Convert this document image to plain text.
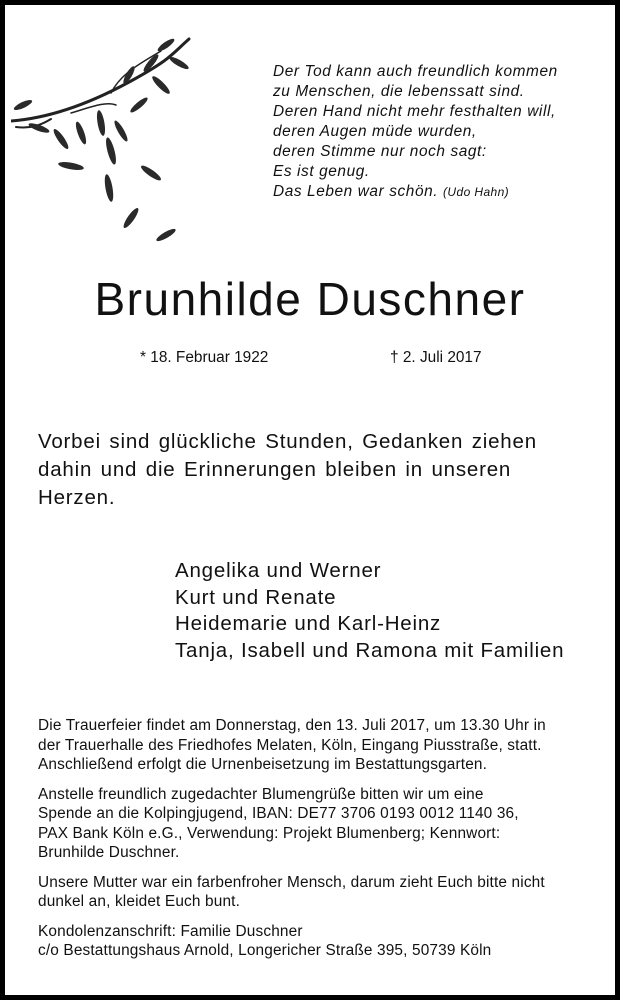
Der Tod kann auch freundlich kommen
zu Menschen, die lebenssatt sind.
Deren Hand nicht mehr festhalten will,
deren Augen müde wurden,
deren Stimme nur noch sagt:
Es ist genug.
Das Leben war schön. (Udo Hahn)
Brunhilde Duschner
* 18. Februar 1922	† 2. Juli 2017

Vorbei sind glückliche Stunden, Gedanken ziehen dahin und die Erinnerungen bleiben in unseren Herzen.

Angelika und Werner
Kurt und Renate
Heidemarie und Karl-Heinz
Tanja, Isabell und Ramona mit Familien

Die Trauerfeier findet am Donnerstag, den 13. Juli 2017, um 13.30 Uhr in
der Trauerhalle des Friedhofes Melaten, Köln, Eingang Piusstraße, statt.
Anschließend erfolgt die Urnenbeisetzung im Bestattungsgarten.

Anstelle freundlich zugedachter Blumengrüße bitten wir um eine
Spende an die Kolpingjugend, IBAN: DE77 3706 0193 0012 1140 36,
PAX Bank Köln e.G., Verwendung: Projekt Blumenberg; Kennwort:
Brunhilde Duschner.

Unsere Mutter war ein farbenfroher Mensch, darum zieht Euch bitte nicht
dunkel an, kleidet Euch bunt.

Kondolenzanschrift: Familie Duschner
c/o Bestattungshaus Arnold, Longericher Straße 395, 50739 Köln
